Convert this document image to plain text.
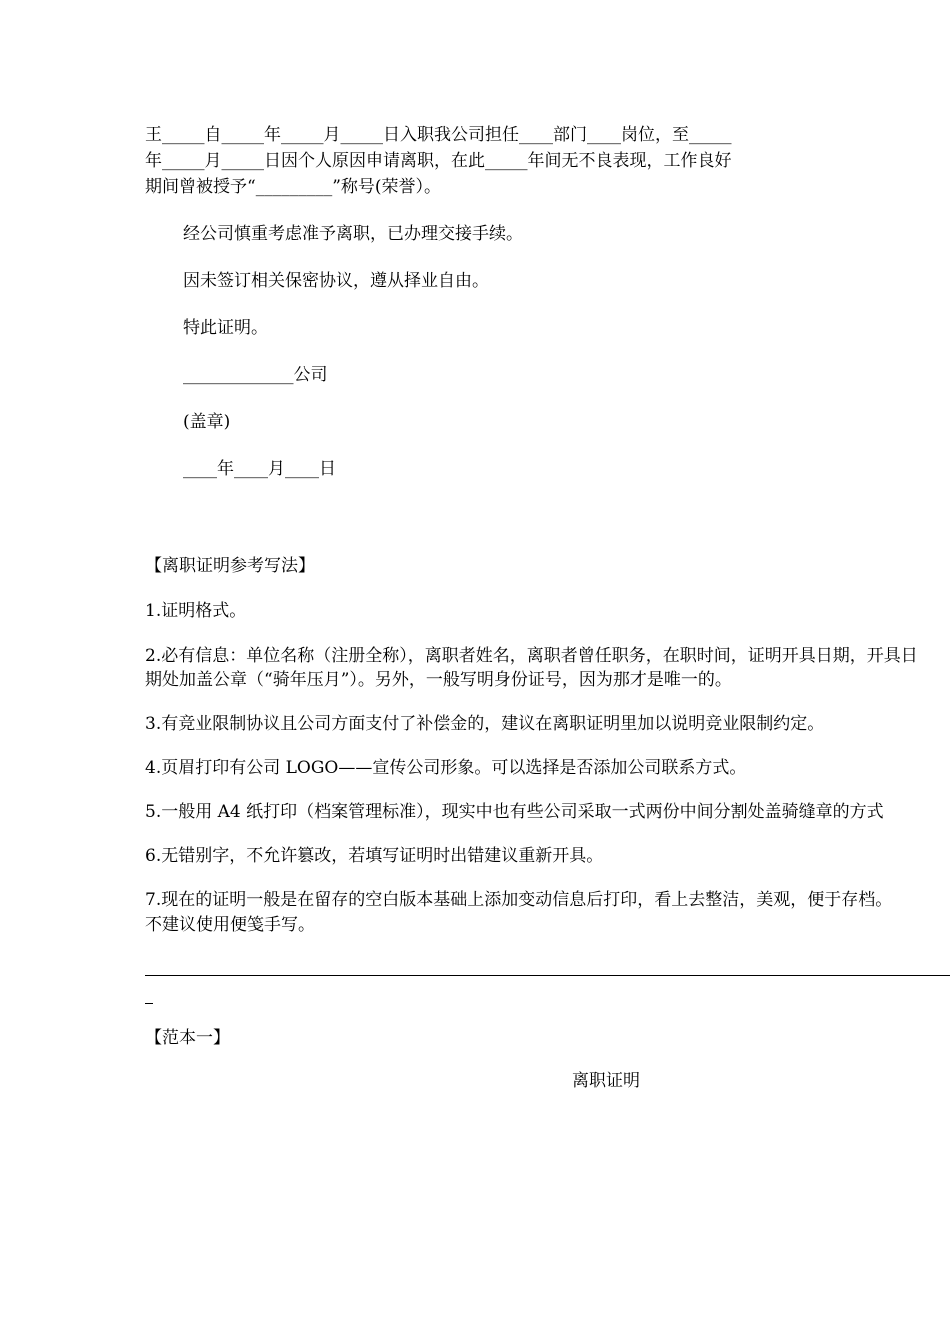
王_____自_____年_____月_____日入职我公司担任____部门____岗位，至_____
年_____月_____日因个人原因申请离职，在此_____年间无不良表现，工作良好
期间曾被授予“_________”称号(荣誉）。
经公司慎重考虑准予离职，已办理交接手续。
因未签订相关保密协议，遵从择业自由。
特此证明。
_____________公司
(盖章)
____年____月____日
【离职证明参考写法】
1.证明格式。
2.必有信息：单位名称（注册全称），离职者姓名，离职者曾任职务，在职时间，证明开具日期，开具日
期处加盖公章（“骑年压月”）。另外，一般写明身份证号，因为那才是唯一的。
3.有竞业限制协议且公司方面支付了补偿金的，建议在离职证明里加以说明竞业限制约定。
4.页眉打印有公司 LOGO——宣传公司形象。可以选择是否添加公司联系方式。
5.一般用 A4 纸打印（档案管理标准），现实中也有些公司采取一式两份中间分割处盖骑缝章的方式
6.无错别字，不允许篡改，若填写证明时出错建议重新开具。
7.现在的证明一般是在留存的空白版本基础上添加变动信息后打印，看上去整洁，美观，便于存档。
不建议使用便笺手写。
【范本一】
离职证明
